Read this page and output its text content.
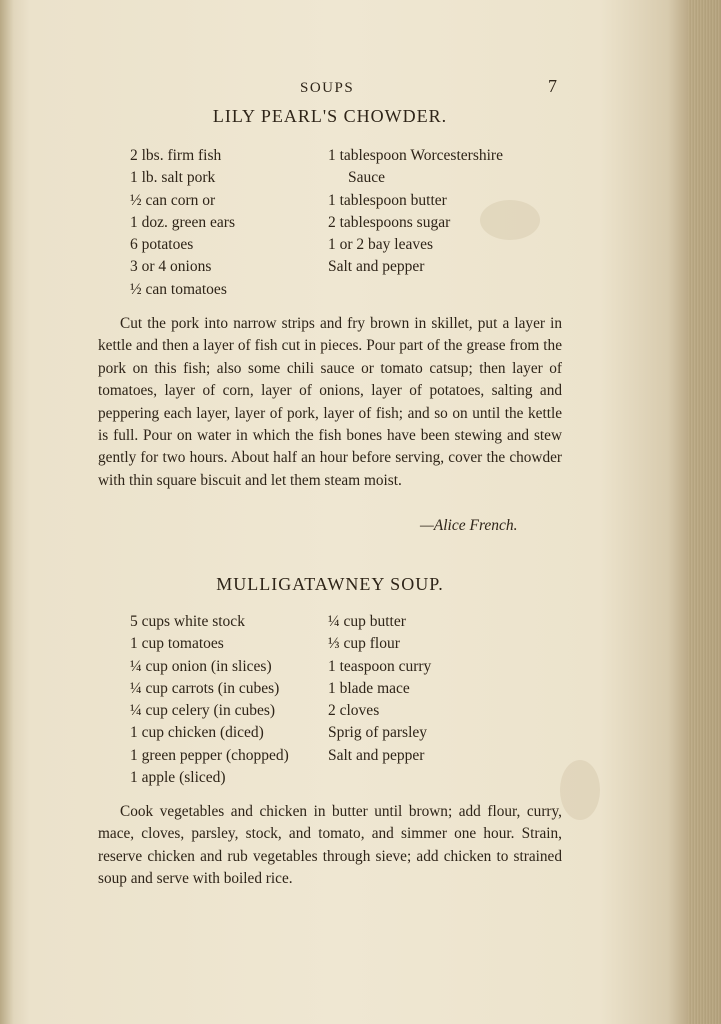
SOUPS	7
LILY PEARL'S CHOWDER.
2 lbs. firm fish
1 lb. salt pork
½ can corn or
1 doz. green ears
6 potatoes
3 or 4 onions
½ can tomatoes
1 tablespoon Worcestershire
Sauce
1 tablespoon butter
2 tablespoons sugar
1 or 2 bay leaves
Salt and pepper
Cut the pork into narrow strips and fry brown in skillet, put a layer in kettle and then a layer of fish cut in pieces. Pour part of the grease from the pork on this fish; also some chili sauce or tomato catsup; then layer of tomatoes, layer of corn, layer of onions, layer of potatoes, salting and peppering each layer, layer of pork, layer of fish; and so on until the kettle is full. Pour on water in which the fish bones have been stewing and stew gently for two hours. About half an hour before serving, cover the chowder with thin square biscuit and let them steam moist.
—Alice French.
MULLIGATAWNEY SOUP.
5 cups white stock
1 cup tomatoes
¼ cup onion (in slices)
¼ cup carrots (in cubes)
¼ cup celery (in cubes)
1 cup chicken (diced)
1 green pepper (chopped)
1 apple (sliced)
¼ cup butter
⅓ cup flour
1 teaspoon curry
1 blade mace
2 cloves
Sprig of parsley
Salt and pepper
Cook vegetables and chicken in butter until brown; add flour, curry, mace, cloves, parsley, stock, and tomato, and simmer one hour. Strain, reserve chicken and rub vegetables through sieve; add chicken to strained soup and serve with boiled rice.
